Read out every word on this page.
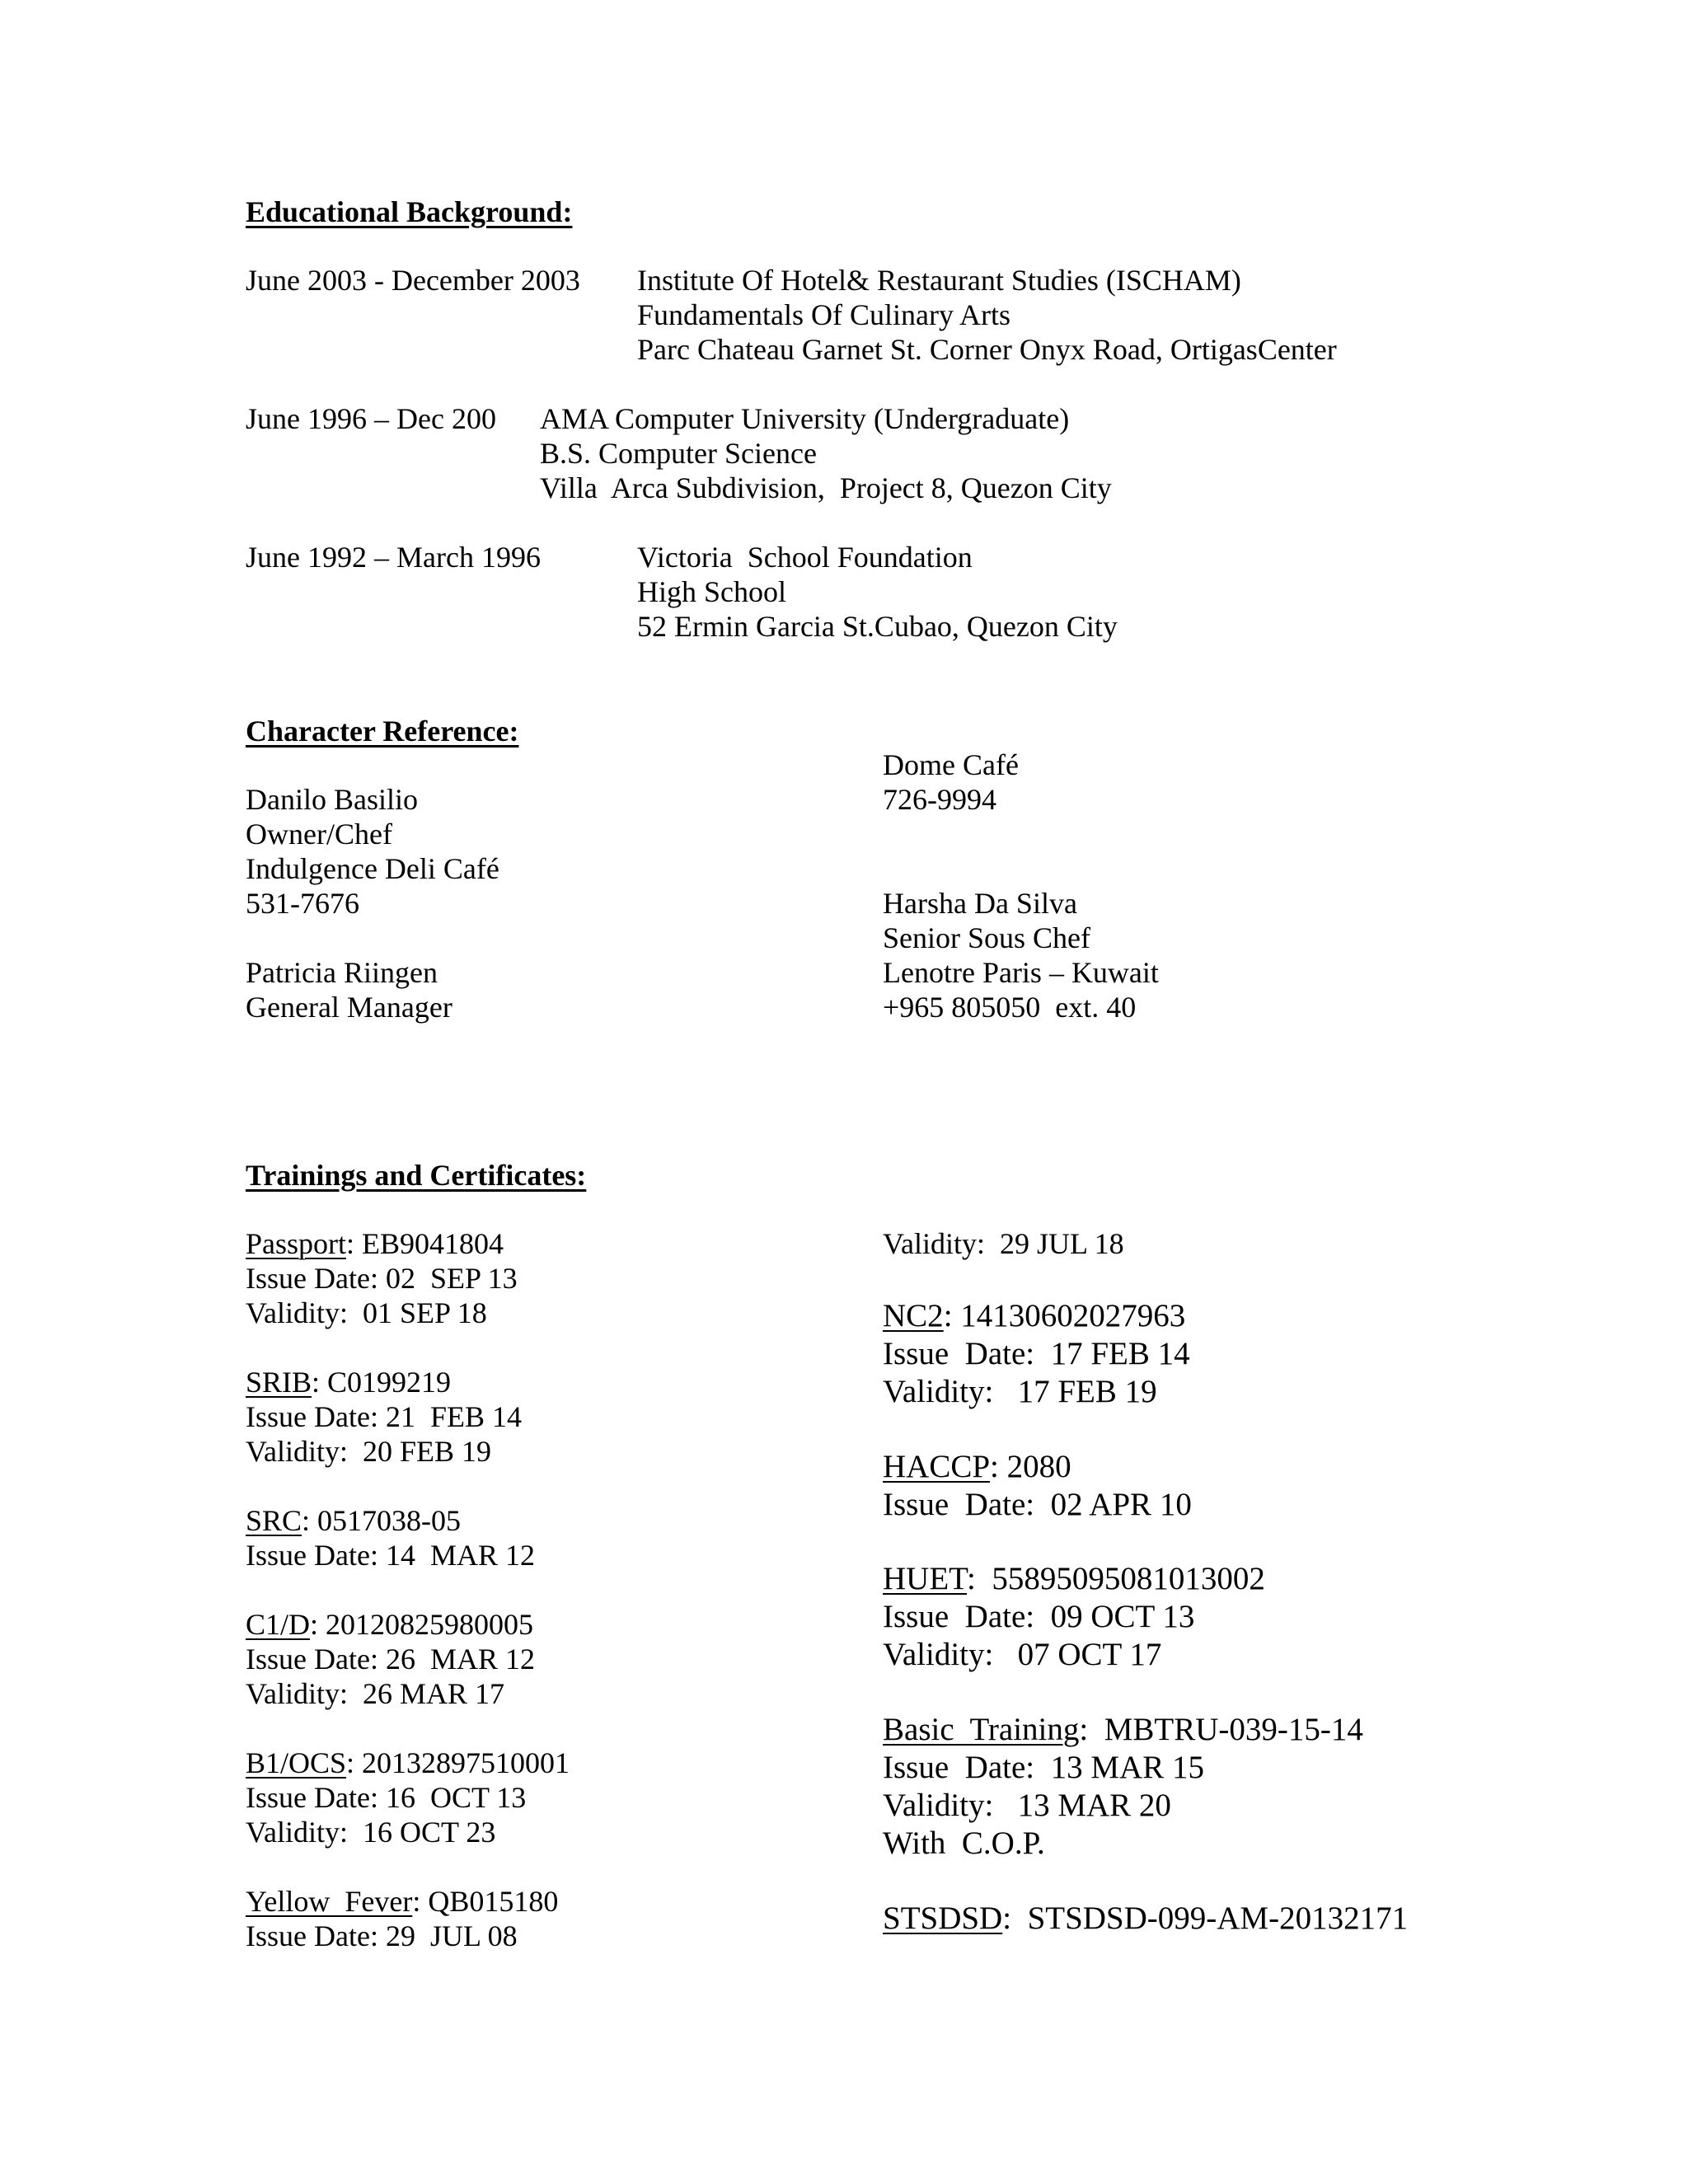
Educational Background:
June 2003 - December 2003 Institute Of Hotel& Restaurant Studies (ISCHAM)
Fundamentals Of Culinary Arts
Parc Chateau Garnet St. Corner Onyx Road, OrtigasCenter
June 1996 – Dec 200 AMA Computer University (Undergraduate)
B.S. Computer Science
Villa  Arca Subdivision,  Project 8, Quezon City
June 1992 – March 1996	Victoria  School Foundation
High School
52 Ermin Garcia St.Cubao, Quezon City
Character Reference:
Danilo Basilio
Owner/Chef
Indulgence Deli Café
531-7676
Patricia Riingen
General Manager
Dome Café
726-9994
Harsha Da Silva
Senior Sous Chef
Lenotre Paris – Kuwait
+965 805050  ext. 40
Trainings and Certificates:
Passport: EB9041804
Issue Date: 02  SEP 13
Validity:  01 SEP 18
SRIB: C0199219
Issue Date: 21  FEB 14
Validity:  20 FEB 19
SRC: 0517038-05
Issue Date: 14  MAR 12
C1/D: 20120825980005
Issue Date: 26  MAR 12
Validity:  26 MAR 17
B1/OCS: 20132897510001
Issue Date: 16  OCT 13
Validity:  16 OCT 23
Yellow  Fever: QB015180
Issue Date: 29  JUL 08
Validity:  29 JUL 18
NC2: 14130602027963
Issue  Date:  17 FEB 14
Validity:   17 FEB 19
HACCP: 2080
Issue  Date:  02 APR 10
HUET:  55895095081013002
Issue  Date:  09 OCT 13
Validity:   07 OCT 17
Basic  Training:  MBTRU-039-15-14
Issue  Date:  13 MAR 15
Validity:   13 MAR 20
With  C.O.P.
STSDSD:  STSDSD-099-AM-20132171
